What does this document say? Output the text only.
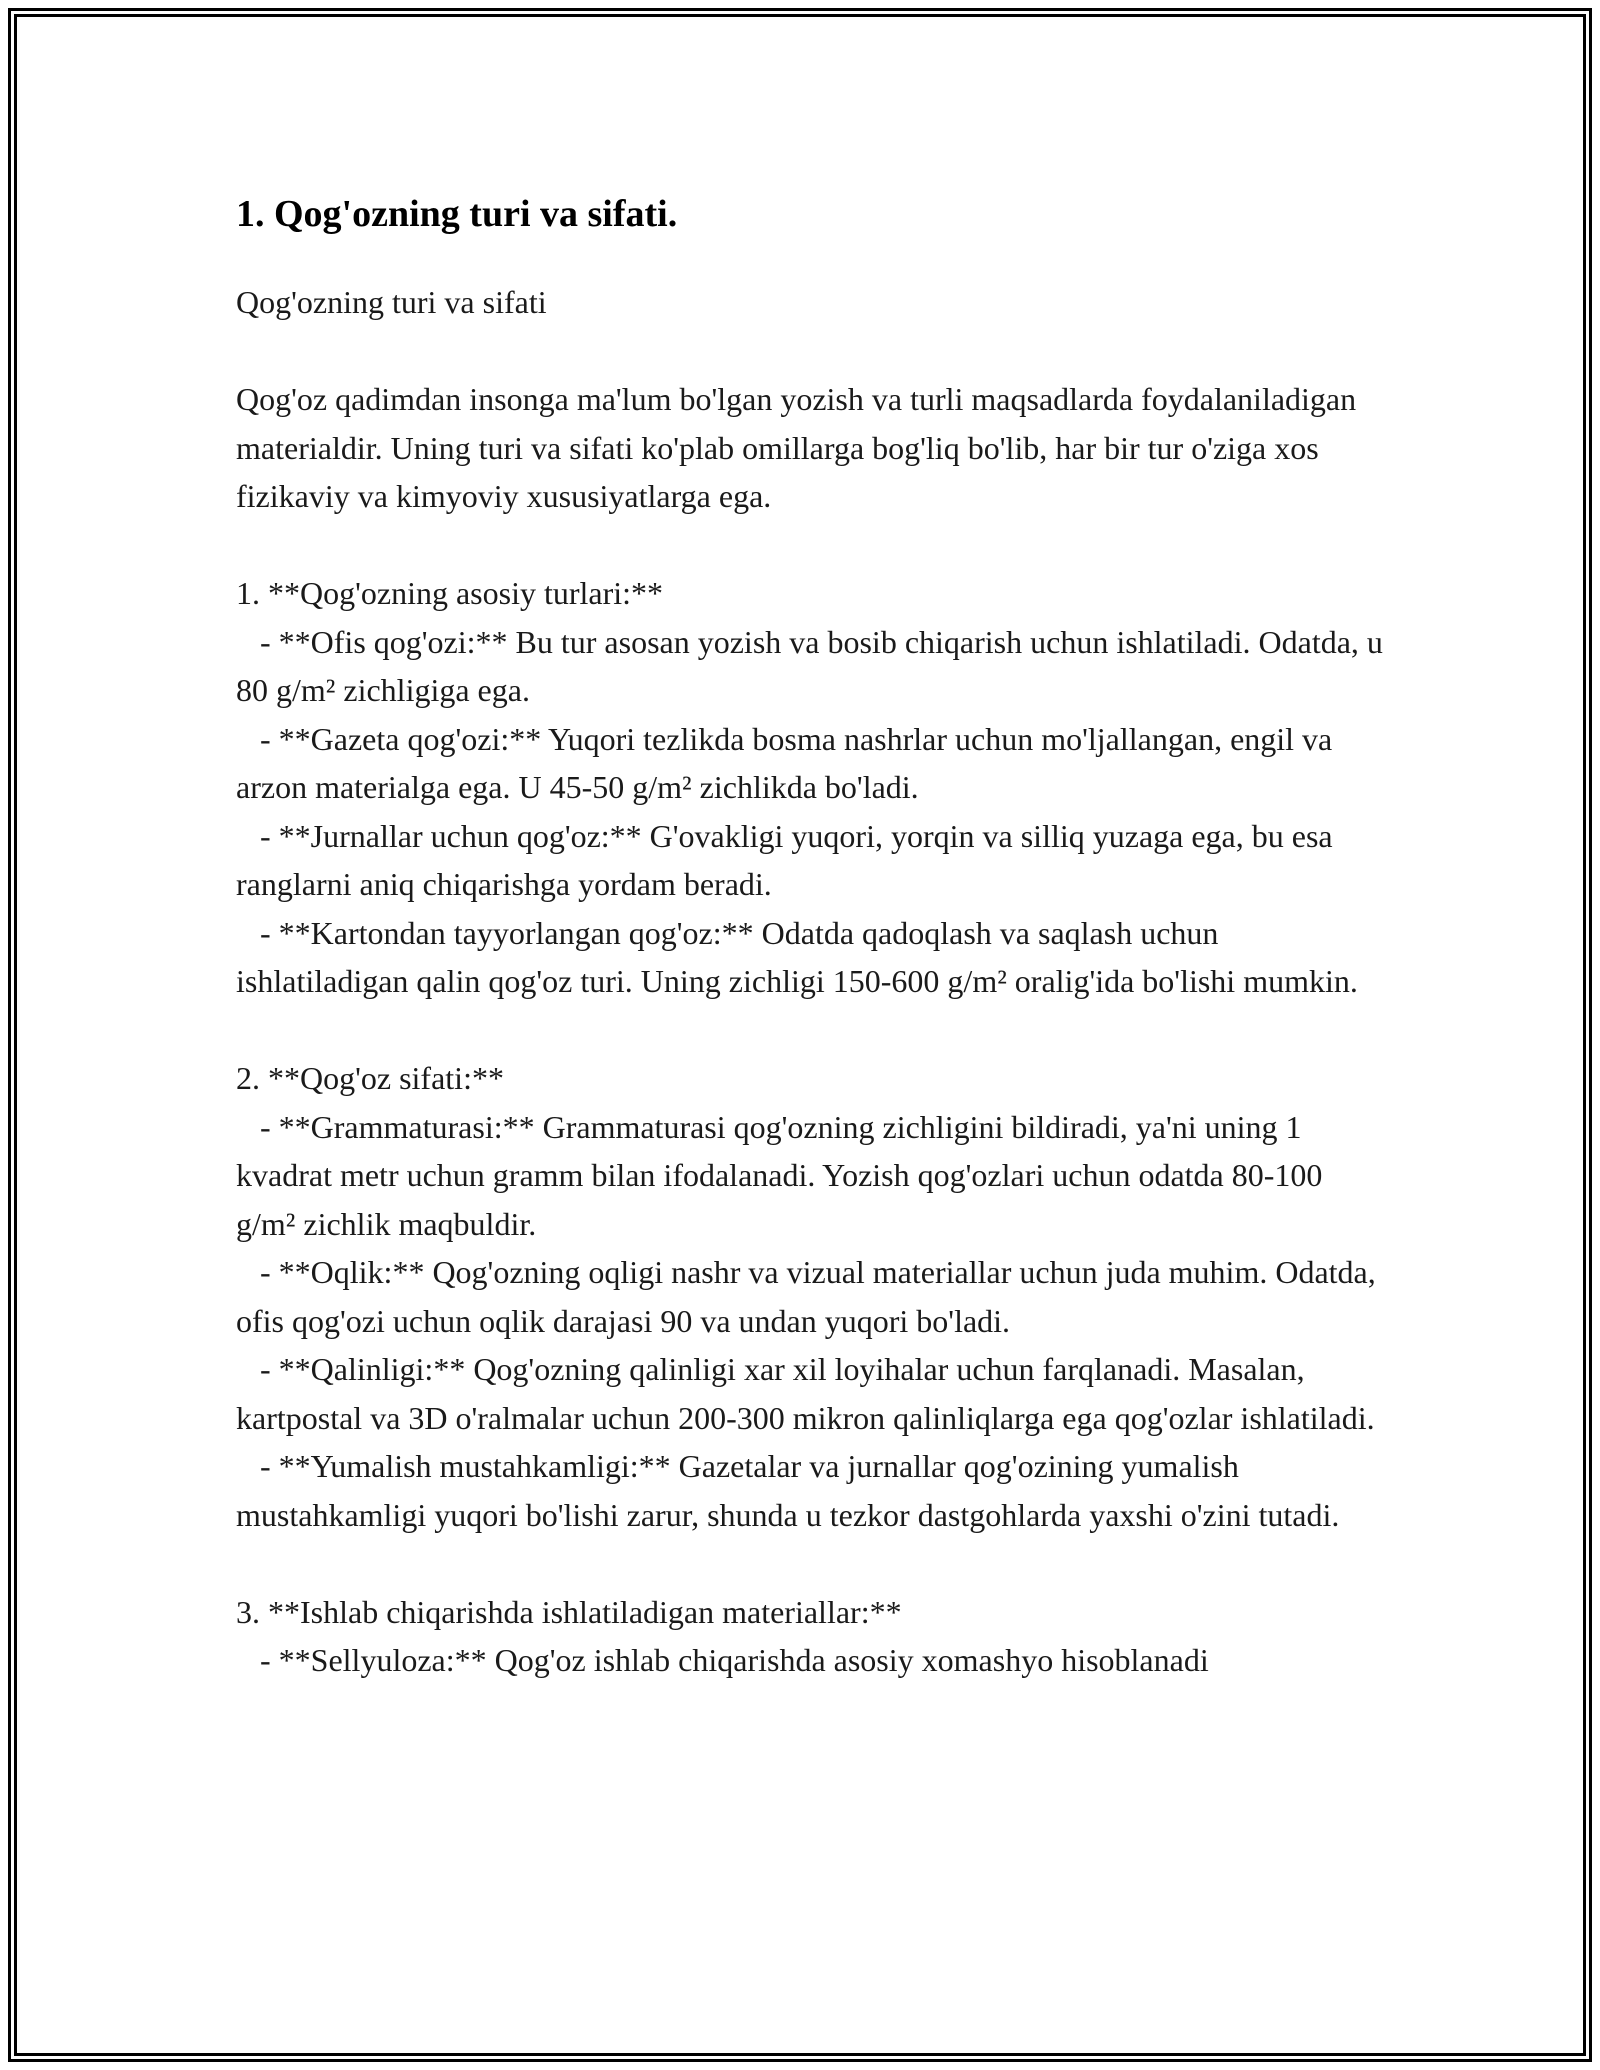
1. Qog'ozning turi va sifati.

Qog'ozning turi va sifati

Qog'oz qadimdan insonga ma'lum bo'lgan yozish va turli maqsadlarda foydalaniladigan materialdir. Uning turi va sifati ko'plab omillarga bog'liq bo'lib, har bir tur o'ziga xos fizikaviy va kimyoviy xususiyatlarga ega.

1. **Qog'ozning asosiy turlari:**

- **Ofis qog'ozi:** Bu tur asosan yozish va bosib chiqarish uchun ishlatiladi. Odatda, u 80 g/m² zichligiga ega.

- **Gazeta qog'ozi:** Yuqori tezlikda bosma nashrlar uchun mo'ljallangan, engil va arzon materialga ega. U 45-50 g/m² zichlikda bo'ladi.

- **Jurnallar uchun qog'oz:** G'ovakligi yuqori, yorqin va silliq yuzaga ega, bu esa ranglarni aniq chiqarishga yordam beradi.

- **Kartondan tayyorlangan qog'oz:** Odatda qadoqlash va saqlash uchun ishlatiladigan qalin qog'oz turi. Uning zichligi 150-600 g/m² oralig'ida bo'lishi mumkin.

2. **Qog'oz sifati:**

- **Grammaturasi:** Grammaturasi qog'ozning zichligini bildiradi, ya'ni uning 1 kvadrat metr uchun gramm bilan ifodalanadi. Yozish qog'ozlari uchun odatda 80-100 g/m² zichlik maqbuldir.

- **Oqlik:** Qog'ozning oqligi nashr va vizual materiallar uchun juda muhim. Odatda, ofis qog'ozi uchun oqlik darajasi 90 va undan yuqori bo'ladi.

- **Qalinligi:** Qog'ozning qalinligi xar xil loyihalar uchun farqlanadi. Masalan, kartpostal va 3D o'ralmalar uchun 200-300 mikron qalinliqlarga ega qog'ozlar ishlatiladi.

- **Yumalish mustahkamligi:** Gazetalar va jurnallar qog'ozining yumalish mustahkamligi yuqori bo'lishi zarur, shunda u tezkor dastgohlarda yaxshi o'zini tutadi.

3. **Ishlab chiqarishda ishlatiladigan materiallar:**

- **Sellyuloza:** Qog'oz ishlab chiqarishda asosiy xomashyo hisoblanadi
